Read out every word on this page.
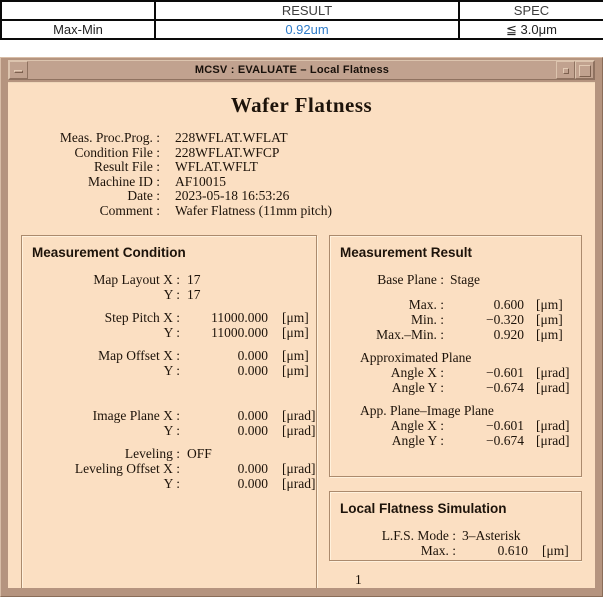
	RESULT	SPEC
Max-Min	0.92um	≦ 3.0μm
MCSV : EVALUATE – Local Flatness
Wafer Flatness
Meas. Proc.Prog. : 228WFLAT.WFLAT
Condition File : 228WFLAT.WFCP
Result File : WFLAT.WFLT
Machine ID : AF10015
Date : 2023-05-18 16:53:26
Comment : Wafer Flatness (11mm pitch)
Measurement Condition
Map Layout X : 17
Y : 17
Step Pitch X :	11000.000	[μm]
Y :	11000.000	[μm]
Map Offset X :	0.000	[μm]
Y :	0.000	[μm]
Image Plane X :	0.000	[μrad]
Y :	0.000	[μrad]
Leveling : OFF
Leveling Offset X :	0.000	[μrad]
Y :	0.000	[μrad]
Measurement Result
Base Plane : Stage
Max. :	0.600 [μm]
Min. :	−0.320 [μm]
Max.–Min. :	0.920 [μm]
Approximated Plane
Angle X :	−0.601 [μrad]
Angle Y :	−0.674 [μrad]
App. Plane–Image Plane
Angle X :	−0.601 [μrad]
Angle Y :	−0.674 [μrad]
Local Flatness Simulation
L.F.S. Mode : 3–Asterisk
Max. :	0.610	[μm]
1
